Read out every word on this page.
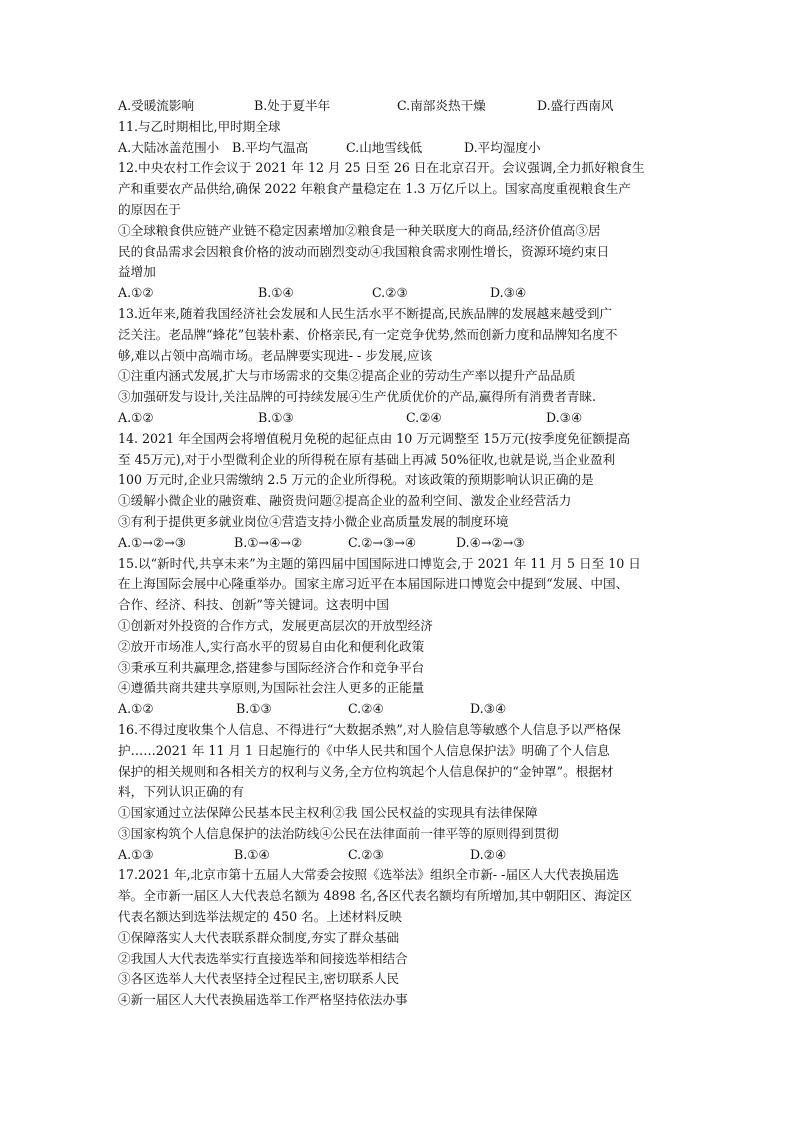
A.受暖流影响	B.处于夏半年	C.南部炎热干燥	D.盛行西南风
11.与乙时期相比,甲时期全球
A.大陆冰盖范围小	B.平均气温高	C.山地雪线低	D.平均湿度小
12.中央农村工作会议于 2021 年 12 月 25 日至 26 日在北京召开。会议强调,全力抓好粮食生
产和重要农产品供给,确保 2022 年粮食产量稳定在 1.3 万亿斤以上。国家高度重视粮食生产
的原因在于
①全球粮食供应链产业链不稳定因素增加②粮食是一种关联度大的商品,经济价值高③居
民的食品需求会因粮食价格的波动而剧烈变动④我国粮食需求刚性增长，资源环境约束日
益增加
A.①②	B.①④	C.②③	D.③④
13.近年来,随着我国经济社会发展和人民生活水平不断提高,民族品牌的发展越来越受到广
泛关注。老品牌“蜂花”包装朴素、价格亲民,有一定竞争优势,然而创新力度和品牌知名度不
够,难以占领中高端市场。老品牌要实现进- - 步发展,应该
①注重内涵式发展,扩大与市场需求的交集②提高企业的劳动生产率以提升产品品质
③加强研发与设计,关注品牌的可持续发展④生产优质优价的产品,赢得所有消费者青睐.
A.①②	B.①③	C.②④	D.③④
14. 2021 年全国两会将增值税月免税的起征点由 10 万元调整至 15万元(按季度免征额提高
至 45万元),对于小型微利企业的所得税在原有基础上再减 50%征收,也就是说,当企业盈利
100 万元时,企业只需缴纳 2.5 万元的企业所得税。对该政策的预期影响认识正确的是
①缓解小微企业的融资难、融资贵问题②提高企业的盈利空间、激发企业经营活力
③有利于提供更多就业岗位④营造支持小微企业高质量发展的制度环境
A.①→②→③	B.①→④→②	C.②→③→④	D.④→②→③
15.以“新时代,共享未来”为主题的第四届中国国际进口博览会,于 2021 年 11 月 5 日至 10 日
在上海国际会展中心隆重举办。国家主席习近平在本届国际进口博览会中提到“发展、中国、
合作、经济、科技、创新”等关键词。这表明中国
①创新对外投资的合作方式，发展更高层次的开放型经济
②放开市场准人,实行高水平的贸易自由化和便利化政策
③秉承互利共赢理念,搭建参与国际经济合作和竞争平台
④遵循共商共建共享原则,为国际社会注人更多的正能量
A.①②	B.①③	C.②④	D.③④
16.不得过度收集个人信息、不得进行“大数据杀熟”,对人脸信息等敏感个人信息予以严格保
护……2021 年 11 月 1 日起施行的《中华人民共和国个人信息保护法》明确了个人信息
保护的相关规则和各相关方的权利与义务,全方位构筑起个人信息保护的“金钟罩”。根据材
料，下列认识正确的有
①国家通过立法保障公民基本民主权利②我 国公民权益的实现具有法律保障
③国家构筑个人信息保护的法治防线④公民在法律面前一律平等的原则得到贯彻
A.①③	B.①④	C.②③	D.②④
17.2021 年,北京市第十五届人大常委会按照《选举法》组织全市新- -届区人大代表换届选
举。全市新一届区人大代表总名额为 4898 名,各区代表名额均有所增加,其中朝阳区、海淀区
代表名额达到选举法规定的 450 名。上述材料反映
①保障落实人大代表联系群众制度,夯实了群众基础
②我国人大代表选举实行直接选举和间接选举相结合
③各区选举人大代表坚持全过程民主,密切联系人民
④新一届区人大代表换届选举工作严格坚持依法办事
